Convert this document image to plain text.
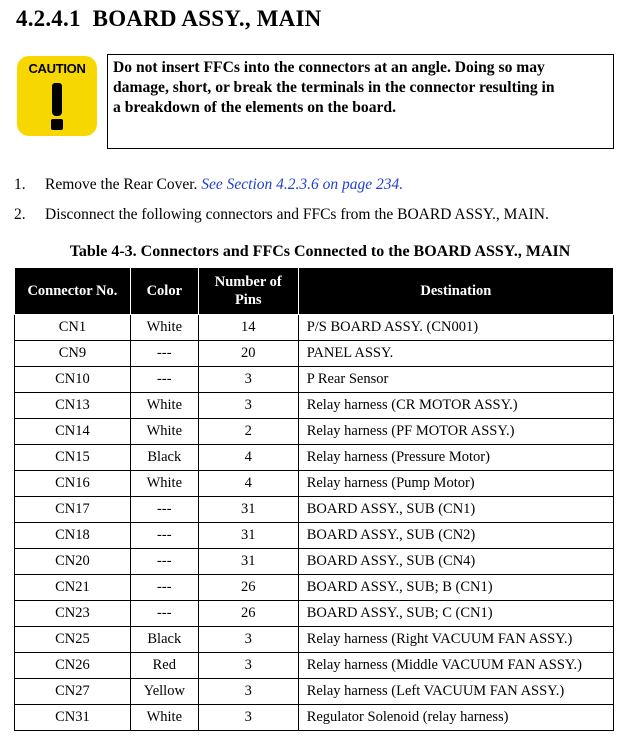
4.2.4.1 BOARD ASSY., MAIN
CAUTION	Do not insert FFCs into the connectors at an angle. Doing so may

damage, short, or break the terminals in the connector resulting in

a breakdown of the elements on the board.

1. Remove the Rear Cover. See Section 4.2.3.6 on page 234.
2. Disconnect the following connectors and FFCs from the BOARD ASSY., MAIN.
Table 4-3. Connectors and FFCs Connected to the BOARD ASSY., MAIN
Connector No.	Color	Number of Pins	Destination
CN1	White	14	P/S BOARD ASSY. (CN001)
CN9	---	20	PANEL ASSY.
CN10	---	3	P Rear Sensor
CN13	White	3	Relay harness (CR MOTOR ASSY.)
CN14	White	2	Relay harness (PF MOTOR ASSY.)
CN15	Black	4	Relay harness (Pressure Motor)
CN16	White	4	Relay harness (Pump Motor)
CN17	---	31	BOARD ASSY., SUB (CN1)
CN18	---	31	BOARD ASSY., SUB (CN2)
CN20	---	31	BOARD ASSY., SUB (CN4)
CN21	---	26	BOARD ASSY., SUB; B (CN1)
CN23	---	26	BOARD ASSY., SUB; C (CN1)
CN25	Black	3	Relay harness (Right VACUUM FAN ASSY.)
CN26	Red	3	Relay harness (Middle VACUUM FAN ASSY.)
CN27	Yellow	3	Relay harness (Left VACUUM FAN ASSY.)
CN31	White	3	Regulator Solenoid (relay harness)
